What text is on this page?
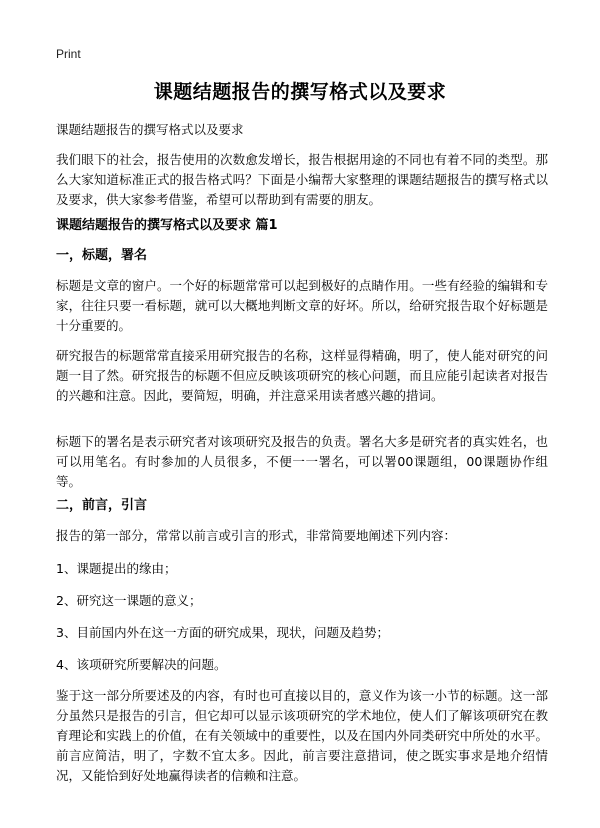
Print
课题结题报告的撰写格式以及要求

课题结题报告的撰写格式以及要求

我们眼下的社会，报告使用的次数愈发增长，报告根据用途的不同也有着不同的类型。那么大家知道标准正式的报告格式吗？下面是小编帮大家整理的课题结题报告的撰写格式以及要求，供大家参考借鉴，希望可以帮助到有需要的朋友。

课题结题报告的撰写格式以及要求 篇1

一，标题，署名

标题是文章的窗户。一个好的标题常常可以起到极好的点睛作用。一些有经验的编辑和专家，往往只要一看标题，就可以大概地判断文章的好坏。所以，给研究报告取个好标题是十分重要的。

研究报告的标题常常直接采用研究报告的名称，这样显得精确，明了，使人能对研究的问题一目了然。研究报告的标题不但应反映该项研究的核心问题，而且应能引起读者对报告的兴趣和注意。因此，要简短，明确，并注意采用读者感兴趣的措词。

标题下的署名是表示研究者对该项研究及报告的负责。署名大多是研究者的真实姓名，也可以用笔名。有时参加的人员很多，不便一一署名，可以署00课题组，00课题协作组等。

二，前言，引言

报告的第一部分，常常以前言或引言的形式，非常简要地阐述下列内容：

1、课题提出的缘由；

2、研究这一课题的意义；

3、目前国内外在这一方面的研究成果，现状，问题及趋势；

4、该项研究所要解决的问题。

鉴于这一部分所要述及的内容，有时也可直接以目的，意义作为该一小节的标题。这一部分虽然只是报告的引言，但它却可以显示该项研究的学术地位，使人们了解该项研究在教育理论和实践上的价值，在有关领域中的重要性，以及在国内外同类研究中所处的水平。前言应简洁，明了，字数不宜太多。因此，前言要注意措词，使之既实事求是地介绍情况，又能恰到好处地赢得读者的信赖和注意。
